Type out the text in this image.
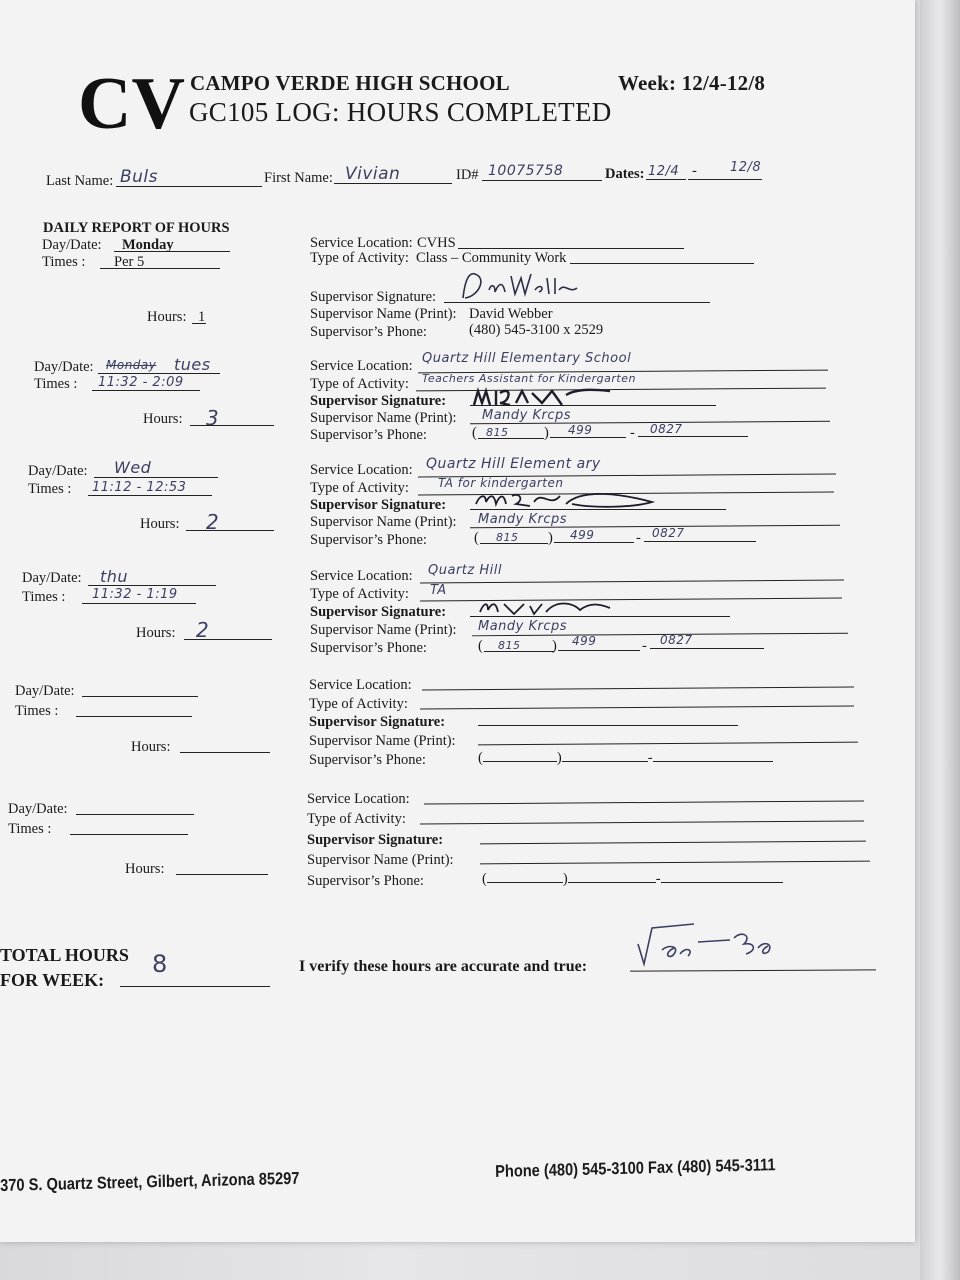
CV CAMPO VERDE HIGH SCHOOL	Week: 12/4-12/8
GC105 LOG: HOURS COMPLETED
Last Name: Buls	First Name: Vivian	ID# 10075758	Dates: 12/4 -	12/8
DAILY REPORT OF HOURS
Day/Date: Monday
Times : Per 5
Hours: 1
Service Location: CVHS
Type of Activity: Class – Community Work
Supervisor Signature:
Supervisor Name (Print): David Webber
Supervisor’s Phone:	(480) 545-3100 x 2529
Day/Date: Monday tues
Times : 11:32 - 2:09
Hours: 3
Service Location: Quartz Hill Elementary School
Type of Activity: Teachers Assistant for Kindergarten
Supervisor Signature:
Supervisor Name (Print): Mandy Krcps
Supervisor’s Phone:	( 815 ) 499	- 0827
Day/Date: Wed
Times : 11:12 - 12:53
Hours: 2
Service Location: Quartz Hill Element ary
Type of Activity: TA for kindergarten
Supervisor Signature:
Supervisor Name (Print): Mandy Krcps
Supervisor’s Phone:	( 815 ) 499	- 0827
Day/Date: thu
Times : 11:32 - 1:19
Hours: 2
Service Location: Quartz Hill
Type of Activity: TA
Supervisor Signature:
Supervisor Name (Print): Mandy Krcps
Supervisor’s Phone:	( 815 ) 499	- 0827
Day/Date:
Times :
Hours:
Service Location:
Type of Activity:
Supervisor Signature:
Supervisor Name (Print):
Supervisor’s Phone:	(	)	-
Day/Date:
Times :
Hours:
Service Location:
Type of Activity:
Supervisor Signature:
Supervisor Name (Print):
Supervisor’s Phone:	(	)	-
TOTAL HOURS
FOR WEEK:
8	I verify these hours are accurate and true:
370 S. Quartz Street, Gilbert, Arizona 85297
Phone (480) 545-3100 Fax (480) 545-3111
